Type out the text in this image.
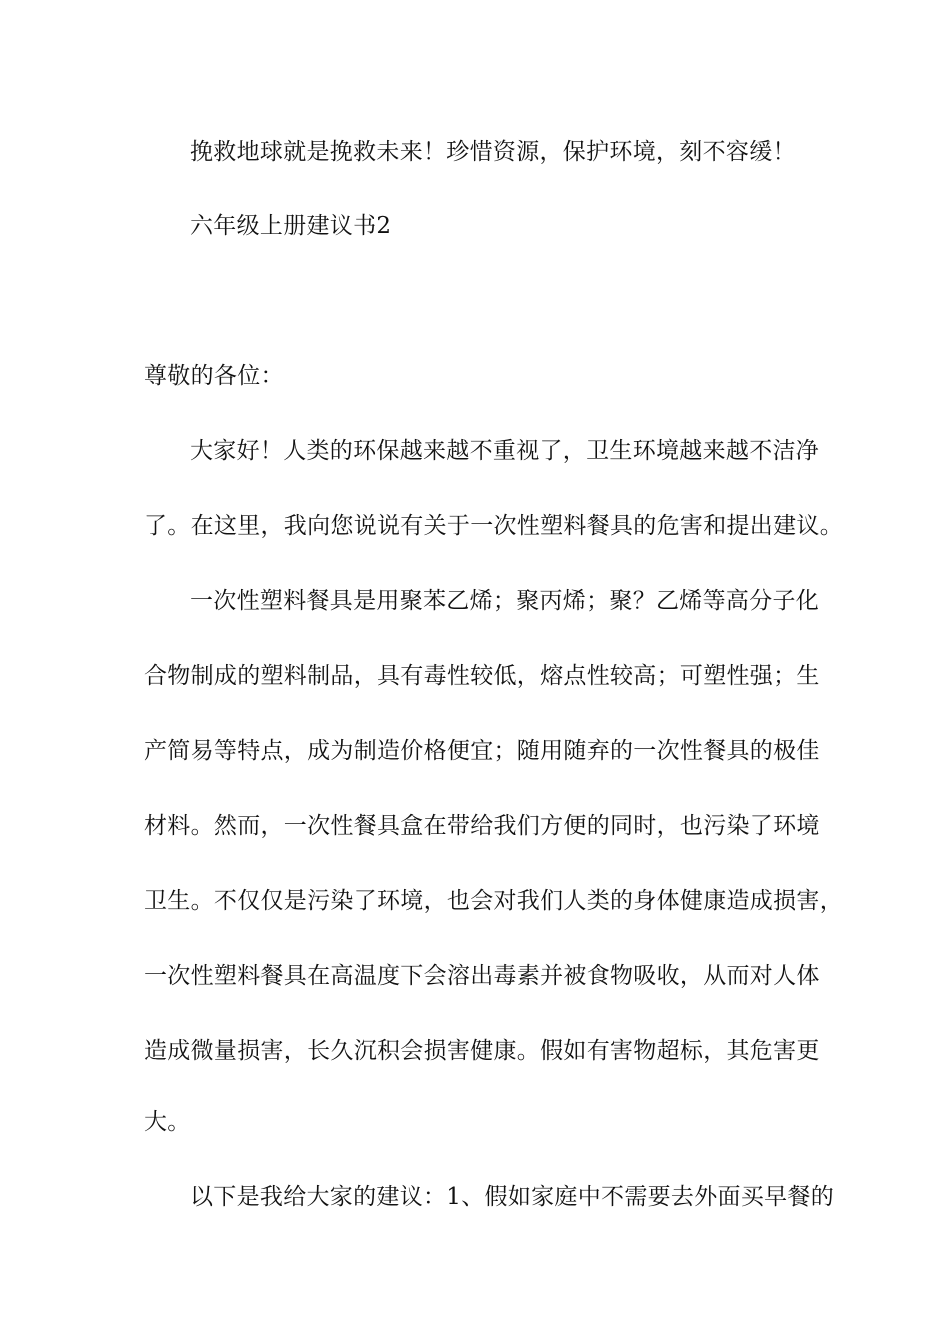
挽救地球就是挽救未来！珍惜资源，保护环境，刻不容缓！
六年级上册建议书2
尊敬的各位：
大家好！人类的环保越来越不重视了，卫生环境越来越不洁净
了。在这里，我向您说说有关于一次性塑料餐具的危害和提出建议。
一次性塑料餐具是用聚苯乙烯；聚丙烯；聚？乙烯等高分子化
合物制成的塑料制品，具有毒性较低，熔点性较高；可塑性强；生
产简易等特点，成为制造价格便宜；随用随弃的一次性餐具的极佳
材料。然而，一次性餐具盒在带给我们方便的同时，也污染了环境
卫生。不仅仅是污染了环境，也会对我们人类的身体健康造成损害，
一次性塑料餐具在高温度下会溶出毒素并被食物吸收，从而对人体
造成微量损害，长久沉积会损害健康。假如有害物超标，其危害更
大。
以下是我给大家的建议：1、假如家庭中不需要去外面买早餐的
